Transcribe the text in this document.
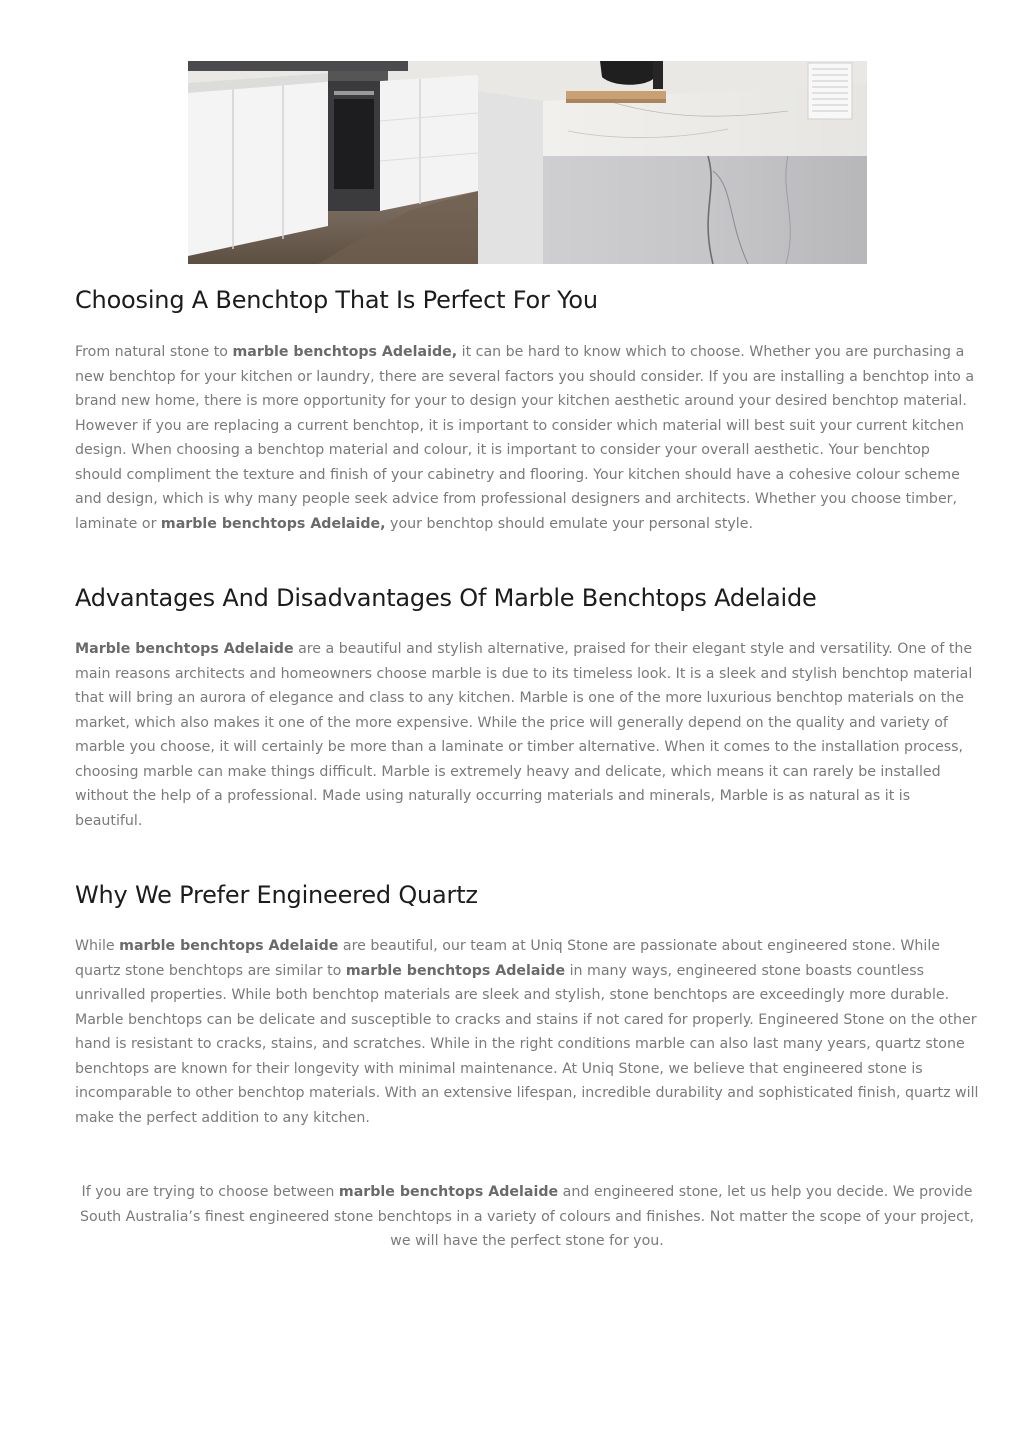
Choosing A Benchtop That Is Perfect For You

From natural stone to marble benchtops Adelaide, it can be hard to know which to choose. Whether you are purchasing a new benchtop for your kitchen or laundry, there are several factors you should consider. If you are installing a benchtop into a brand new home, there is more opportunity for your to design your kitchen aesthetic around your desired benchtop material. However if you are replacing a current benchtop, it is important to consider which material will best suit your current kitchen design. When choosing a benchtop material and colour, it is important to consider your overall aesthetic. Your benchtop should compliment the texture and finish of your cabinetry and flooring. Your kitchen should have a cohesive colour scheme and design, which is why many people seek advice from professional designers and architects. Whether you choose timber, laminate or marble benchtops Adelaide, your benchtop should emulate your personal style.

Advantages And Disadvantages Of Marble Benchtops Adelaide

Marble benchtops Adelaide are a beautiful and stylish alternative, praised for their elegant style and versatility. One of the main reasons architects and homeowners choose marble is due to its timeless look. It is a sleek and stylish benchtop material that will bring an aurora of elegance and class to any kitchen. Marble is one of the more luxurious benchtop materials on the market, which also makes it one of the more expensive. While the price will generally depend on the quality and variety of marble you choose, it will certainly be more than a laminate or timber alternative. When it comes to the installation process, choosing marble can make things difficult. Marble is extremely heavy and delicate, which means it can rarely be installed without the help of a professional. Made using naturally occurring materials and minerals, Marble is as natural as it is beautiful.

Why We Prefer Engineered Quartz

While marble benchtops Adelaide are beautiful, our team at Uniq Stone are passionate about engineered stone. While quartz stone benchtops are similar to marble benchtops Adelaide in many ways, engineered stone boasts countless unrivalled properties. While both benchtop materials are sleek and stylish, stone benchtops are exceedingly more durable. Marble benchtops can be delicate and susceptible to cracks and stains if not cared for properly. Engineered Stone on the other hand is resistant to cracks, stains, and scratches. While in the right conditions marble can also last many years, quartz stone benchtops are known for their longevity with minimal maintenance. At Uniq Stone, we believe that engineered stone is incomparable to other benchtop materials. With an extensive lifespan, incredible durability and sophisticated finish, quartz will make the perfect addition to any kitchen.

If you are trying to choose between marble benchtops Adelaide and engineered stone, let us help you decide. We provide South Australia’s finest engineered stone benchtops in a variety of colours and finishes. Not matter the scope of your project, we will have the perfect stone for you.
